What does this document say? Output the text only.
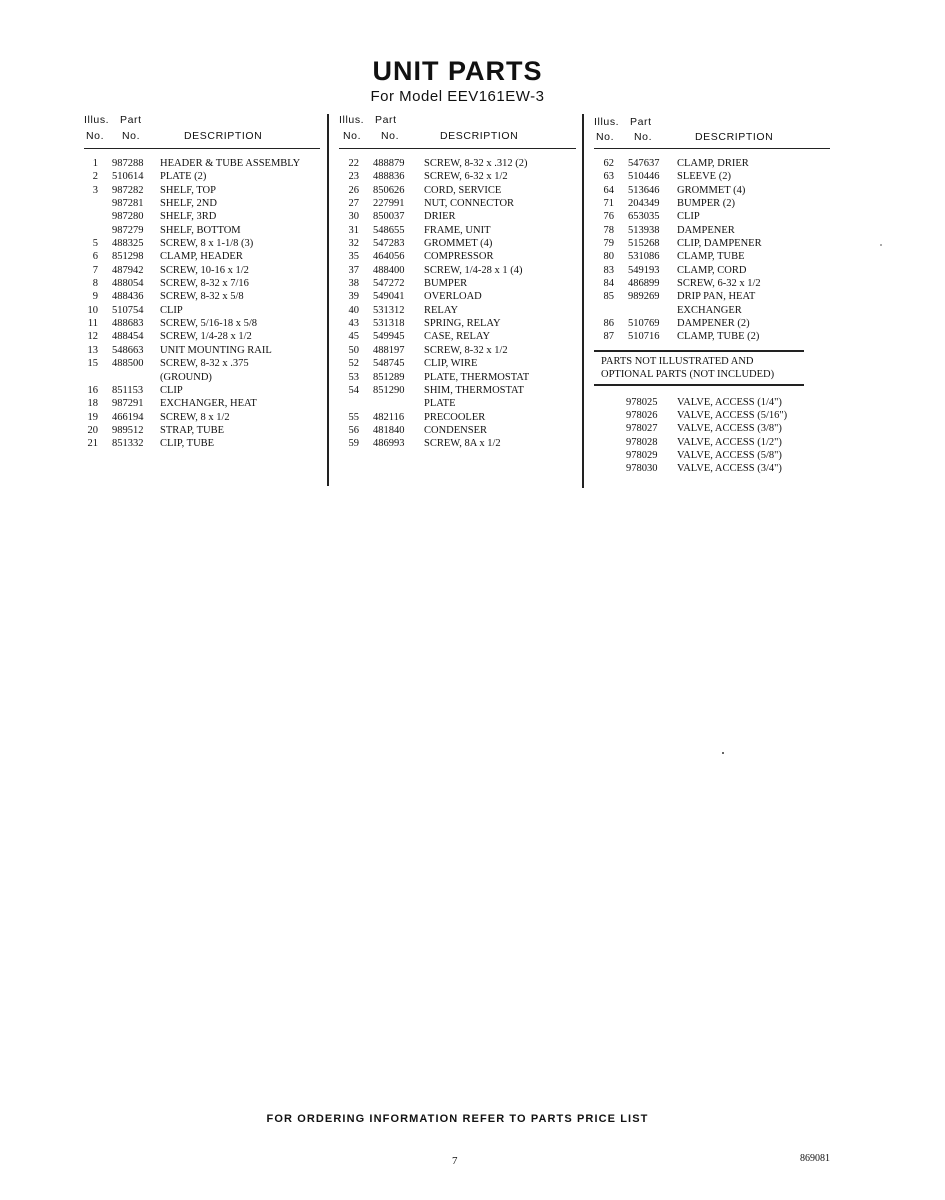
UNIT PARTS
For Model EEV161EW-3
Illus. Part
No. No.	DESCRIPTION
1 987288 HEADER & TUBE ASSEMBLY
2 510614 PLATE (2)
3 987282 SHELF, TOP
987281 SHELF, 2ND
987280 SHELF, 3RD
987279 SHELF, BOTTOM
5 488325 SCREW, 8 x 1-1/8 (3)
6 851298 CLAMP, HEADER
7 487942 SCREW, 10-16 x 1/2
8 488054 SCREW, 8-32 x 7/16
9 488436 SCREW, 8-32 x 5/8
10 510754 CLIP
11 488683 SCREW, 5/16-18 x 5/8
12 488454 SCREW, 1/4-28 x 1/2
13 548663 UNIT MOUNTING RAIL
15 488500 SCREW, 8-32 x .375
(GROUND)
16 851153 CLIP
18 987291 EXCHANGER, HEAT
19 466194 SCREW, 8 x 1/2
20 989512 STRAP, TUBE
21 851332 CLIP, TUBE
Illus. Part
No. No.	DESCRIPTION
22 488879 SCREW, 8-32 x .312 (2)
23 488836 SCREW, 6-32 x 1/2
26 850626 CORD, SERVICE
27 227991 NUT, CONNECTOR
30 850037 DRIER
31 548655 FRAME, UNIT
32 547283 GROMMET (4)
35 464056 COMPRESSOR
37 488400 SCREW, 1/4-28 x 1 (4)
38 547272 BUMPER
39 549041 OVERLOAD
40 531312 RELAY
43 531318 SPRING, RELAY
45 549945 CASE, RELAY
50 488197 SCREW, 8-32 x 1/2
52 548745 CLIP, WIRE
53 851289 PLATE, THERMOSTAT
54 851290 SHIM, THERMOSTAT
PLATE
55 482116 PRECOOLER
56 481840 CONDENSER
59 486993 SCREW, 8A x 1/2
Illus. Part
No. No.	DESCRIPTION
62 547637 CLAMP, DRIER
63 510446 SLEEVE (2)
64 513646 GROMMET (4)
71 204349 BUMPER (2)
76 653035 CLIP
78 513938 DAMPENER
79 515268 CLIP, DAMPENER
80 531086 CLAMP, TUBE
83 549193 CLAMP, CORD
84 486899 SCREW, 6-32 x 1/2
85 989269 DRIP PAN, HEAT
EXCHANGER
86 510769 DAMPENER (2)
87 510716 CLAMP, TUBE (2)
PARTS NOT ILLUSTRATED AND
OPTIONAL PARTS (NOT INCLUDED)
978025 VALVE, ACCESS (1/4")
978026 VALVE, ACCESS (5/16")
978027 VALVE, ACCESS (3/8")
978028 VALVE, ACCESS (1/2")
978029 VALVE, ACCESS (5/8")
978030 VALVE, ACCESS (3/4")
FOR ORDERING INFORMATION REFER TO PARTS PRICE LIST
7	869081
